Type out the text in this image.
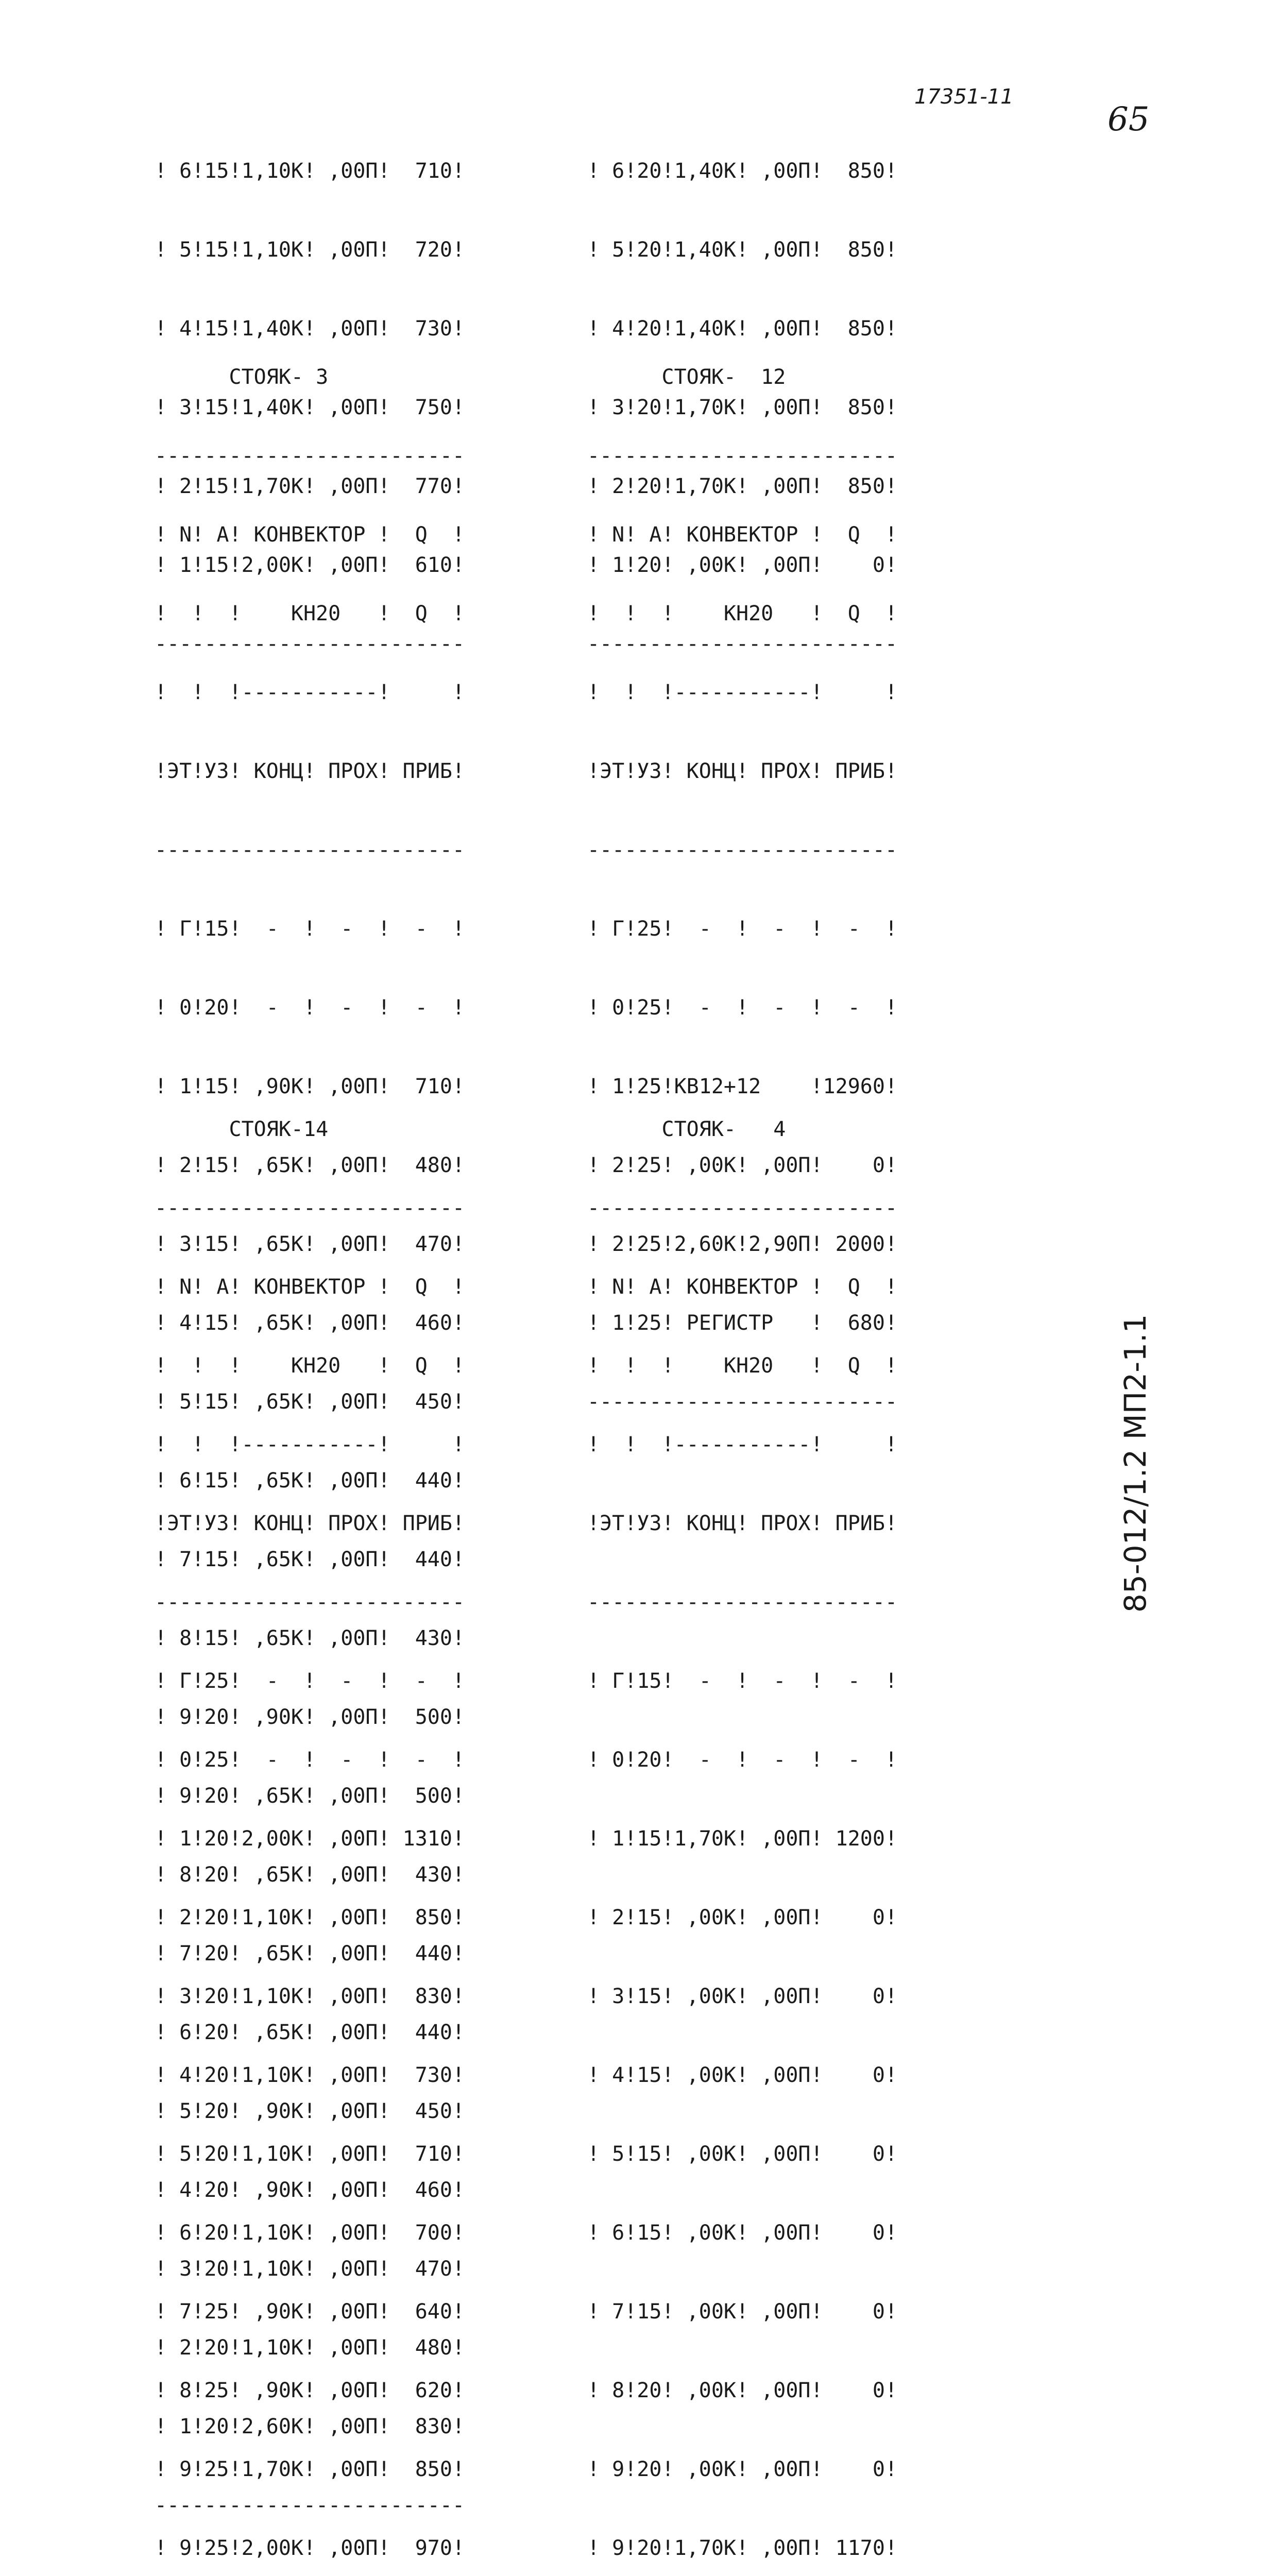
17351-11
65
85-012/1.2 МП2-1.1

! 6!15!1,10К! ,00П!  710!

! 5!15!1,10К! ,00П!  720!

! 4!15!1,40К! ,00П!  730!

! 3!15!1,40К! ,00П!  750!

! 2!15!1,70К! ,00П!  770!

! 1!15!2,00К! ,00П!  610!

-------------------------

! 6!20!1,40К! ,00П!  850!

! 5!20!1,40К! ,00П!  850!

! 4!20!1,40К! ,00П!  850!

! 3!20!1,70К! ,00П!  850!

! 2!20!1,70К! ,00П!  850!

! 1!20! ,00К! ,00П!    0!

-------------------------

СТОЯК- 3

-------------------------

! N! А! КОНВЕКТОР !  Q  !

!  !  !    КН20   !  Q  !

!  !  !-----------!     !

!ЭТ!УЗ! КОНЦ! ПРОХ! ПРИБ!

-------------------------

! Г!15!  -  !  -  !  -  !

! 0!20!  -  !  -  !  -  !

! 1!15! ,90К! ,00П!  710!

! 2!15! ,65К! ,00П!  480!

! 3!15! ,65К! ,00П!  470!

! 4!15! ,65К! ,00П!  460!

! 5!15! ,65К! ,00П!  450!

! 6!15! ,65К! ,00П!  440!

! 7!15! ,65К! ,00П!  440!

! 8!15! ,65К! ,00П!  430!

! 9!20! ,90К! ,00П!  500!

! 9!20! ,65К! ,00П!  500!

! 8!20! ,65К! ,00П!  430!

! 7!20! ,65К! ,00П!  440!

! 6!20! ,65К! ,00П!  440!

! 5!20! ,90К! ,00П!  450!

! 4!20! ,90К! ,00П!  460!

! 3!20!1,10К! ,00П!  470!

! 2!20!1,10К! ,00П!  480!

! 1!20!2,60К! ,00П!  830!

-------------------------

СТОЯК-  12

-------------------------

! N! А! КОНВЕКТОР !  Q  !

!  !  !    КН20   !  Q  !

!  !  !-----------!     !

!ЭТ!УЗ! КОНЦ! ПРОХ! ПРИБ!

-------------------------

! Г!25!  -  !  -  !  -  !

! 0!25!  -  !  -  !  -  !

! 1!25!КВ12+12    !12960!

! 2!25! ,00К! ,00П!    0!

! 2!25!2,60К!2,90П! 2000!

! 1!25! РЕГИСТР   !  680!

-------------------------

СТОЯК-14

-------------------------

! N! А! КОНВЕКТОР !  Q  !

!  !  !    КН20   !  Q  !

!  !  !-----------!     !

!ЭТ!УЗ! КОНЦ! ПРОХ! ПРИБ!

-------------------------

! Г!25!  -  !  -  !  -  !

! 0!25!  -  !  -  !  -  !

! 1!20!2,00К! ,00П! 1310!

! 2!20!1,10К! ,00П!  850!

! 3!20!1,10К! ,00П!  830!

! 4!20!1,10К! ,00П!  730!

! 5!20!1,10К! ,00П!  710!

! 6!20!1,10К! ,00П!  700!

! 7!25! ,90К! ,00П!  640!

! 8!25! ,90К! ,00П!  620!

! 9!25!1,70К! ,00П!  850!

! 9!25!2,00К! ,00П!  970!

СТОЯК-   4

-------------------------

! N! А! КОНВЕКТОР !  Q  !

!  !  !    КН20   !  Q  !

!  !  !-----------!     !

!ЭТ!УЗ! КОНЦ! ПРОХ! ПРИБ!

-------------------------

! Г!15!  -  !  -  !  -  !

! 0!20!  -  !  -  !  -  !

! 1!15!1,70К! ,00П! 1200!

! 2!15! ,00К! ,00П!    0!

! 3!15! ,00К! ,00П!    0!

! 4!15! ,00К! ,00П!    0!

! 5!15! ,00К! ,00П!    0!

! 6!15! ,00К! ,00П!    0!

! 7!15! ,00К! ,00П!    0!

! 8!20! ,00К! ,00П!    0!

! 9!20! ,00К! ,00П!    0!

! 9!20!1,70К! ,00П! 1170!
